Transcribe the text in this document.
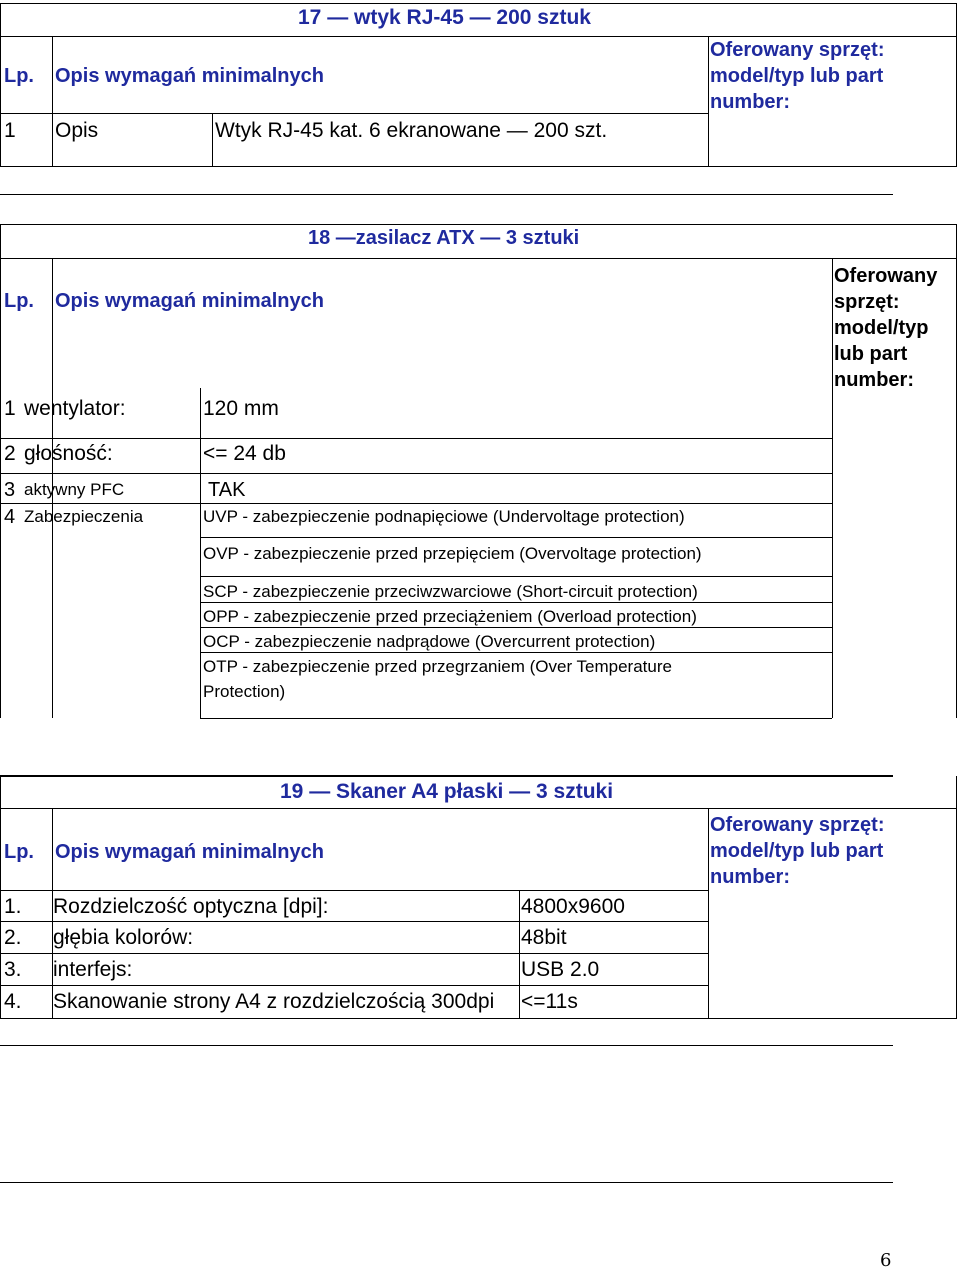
17 — wtyk RJ-45 — 200 sztuk
Lp. Opis wymagań minimalnych
Oferowany sprzęt:
model/typ lub part
number:
1 Opis	Wtyk RJ-45 kat. 6 ekranowane — 200 szt.
18 —zasilacz ATX — 3 sztuki
Lp. Opis wymagań minimalnych
Oferowany
sprzęt:
model/typ
lub part
number:
1 wentylator:	120 mm
2 głośność:	<= 24 db
3 aktywny PFC	TAK
4 Zabezpieczenia	UVP - zabezpieczenie podnapięciowe (Undervoltage protection)
OVP - zabezpieczenie przed przepięciem (Overvoltage protection)
SCP - zabezpieczenie przeciwzwarciowe (Short-circuit protection)
OPP - zabezpieczenie przed przeciążeniem (Overload protection)
OCP - zabezpieczenie nadprądowe (Overcurrent protection)
OTP - zabezpieczenie przed przegrzaniem (Over Temperature
Protection)
19 — Skaner A4 płaski — 3 sztuki
Lp. Opis wymagań minimalnych
Oferowany sprzęt:
model/typ lub part
number:
1. Rozdzielczość optyczna [dpi]:	4800x9600
2. głębia kolorów:	48bit
3. interfejs:	USB 2.0
4. Skanowanie strony A4 z rozdzielczością 300dpi <=11s
6
